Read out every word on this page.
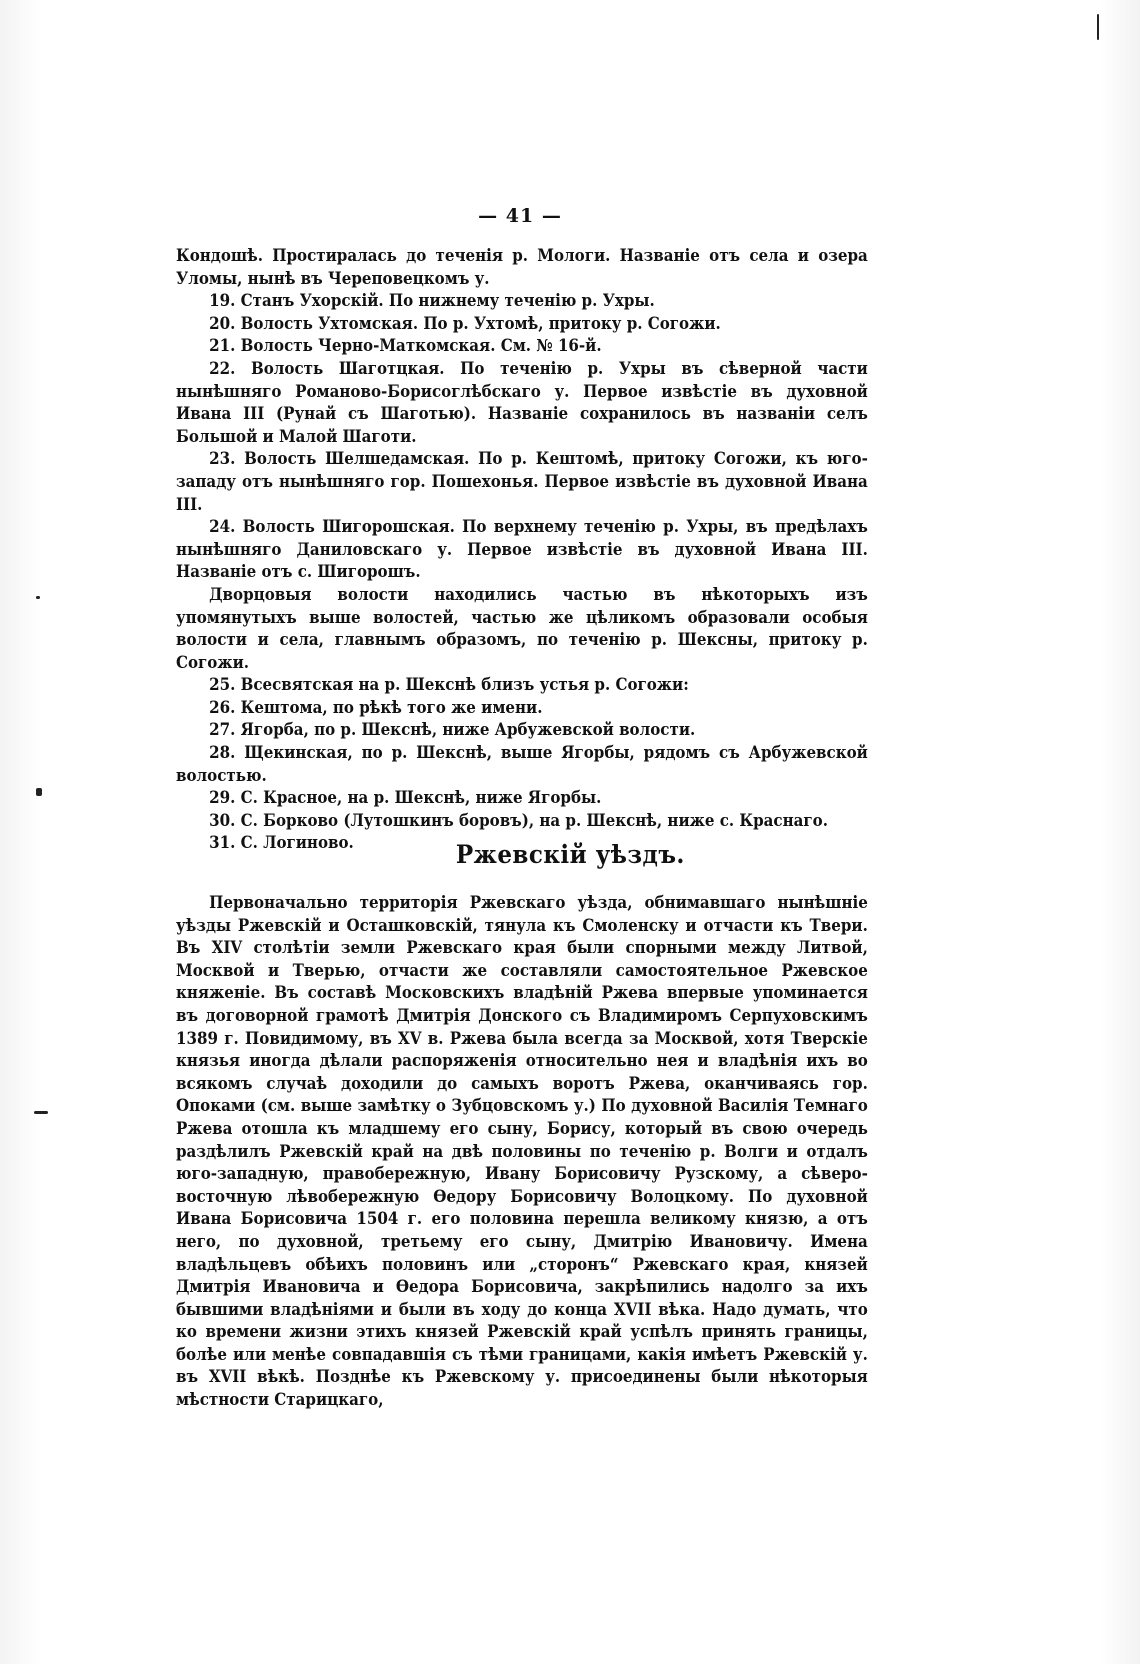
— 41 —

Кондошѣ. Простиралась до теченія р. Мологи. Названіе отъ села и озера Уломы, нынѣ въ Череповецкомъ у.

19. Станъ Ухорскій. По нижнему теченію р. Ухры.

20. Волость Ухтомская. По р. Ухтомѣ, притоку р. Согожи.

21. Волость Черно-Маткомская. См. № 16-й.

22. Волость Шаготцкая. По теченію р. Ухры въ сѣверной части нынѣшняго Романово-Борисоглѣбскаго у. Первое извѣстіе въ духовной Ивана III (Рунай съ Шаготью). Названіе сохранилось въ названіи селъ Большой и Малой Шаготи.

23. Волость Шелшедамская. По р. Кештомѣ, притоку Согожи, къ юго-западу отъ нынѣшняго гор. Пошехонья. Первое извѣстіе въ духовной Ивана III.

24. Волость Шигорошская. По верхнему теченію р. Ухры, въ предѣлахъ нынѣшняго Даниловскаго у. Первое извѣстіе въ духовной Ивана III. Названіе отъ с. Шигорошъ.

Дворцовыя волости находились частью въ нѣкоторыхъ изъ упомянутыхъ выше волостей, частью же цѣликомъ образовали особыя волости и села, главнымъ образомъ, по теченію р. Шексны, притоку р. Согожи.

25. Всесвятская на р. Шекснѣ близъ устья р. Согожи:

26. Кештома, по рѣкѣ того же имени.

27. Ягорба, по р. Шекснѣ, ниже Арбужевской волости.

28. Щекинская, по р. Шекснѣ, выше Ягорбы, рядомъ съ Арбужевской волостью.

29. С. Красное, на р. Шекснѣ, ниже Ягорбы.

30. С. Борково (Лутошкинъ боровъ), на р. Шекснѣ, ниже с. Краснаго.

31. С. Логиново.	Ржевскій уѣздъ.

Первоначально территорія Ржевскаго уѣзда, обнимавшаго нынѣшніе уѣзды Ржевскій и Осташковскій, тянула къ Смоленску и отчасти къ Твери. Въ XIV столѣтіи земли Ржевскаго края были спорными между Литвой, Москвой и Тверью, отчасти же составляли самостоятельное Ржевское княженіе. Въ составѣ Московскихъ владѣній Ржева впервые упоминается въ договорной грамотѣ Дмитрія Донского съ Владимиромъ Серпуховскимъ 1389 г. Повидимому, въ XV в. Ржева была всегда за Москвой, хотя Тверскіе князья иногда дѣлали распоряженія относительно нея и владѣнія ихъ во всякомъ случаѣ доходили до самыхъ воротъ Ржева, оканчиваясь гор. Опоками (см. выше замѣтку о Зубцовскомъ у.) По духовной Василія Темнаго Ржева отошла къ младшему его сыну, Борису, который въ свою очередь раздѣлилъ Ржевскій край на двѣ половины по теченію р. Волги и отдалъ юго-западную, правобережную, Ивану Борисовичу Рузскому, а сѣверо-восточную лѣвобережную Ѳедору Борисовичу Волоцкому. По духовной Ивана Борисовича 1504 г. его половина перешла великому князю, а отъ него, по духовной, третьему его сыну, Дмитрію Ивановичу. Имена владѣльцевъ обѣихъ половинъ или „сторонъ“ Ржевскаго края, князей Дмитрія Ивановича и Ѳедора Борисовича, закрѣпились надолго за ихъ бывшими владѣніями и были въ ходу до конца XVII вѣка. Надо думать, что ко времени жизни этихъ князей Ржевскій край успѣлъ принять границы, болѣе или менѣе совпадавшія съ тѣми границами, какія имѣетъ Ржевскій у. въ XVII вѣкѣ. Позднѣе къ Ржевскому у. присоединены были нѣкоторыя мѣстности Старицкаго,
